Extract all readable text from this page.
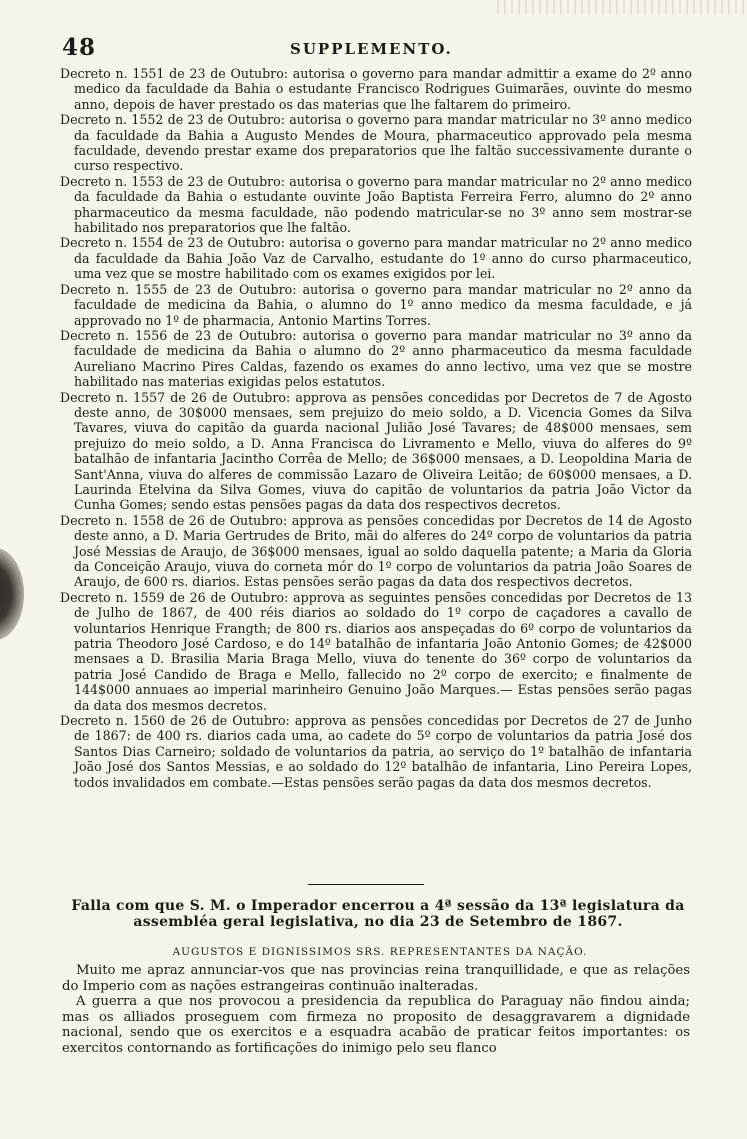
48	SUPPLEMENTO.
Decreto n. 1551 de 23 de Outubro: autorisa o governo para mandar admittir a exame do 2º anno medico da faculdade da Bahia o estudante Francisco Rodrigues Guimarães, ouvinte do mesmo anno, depois de haver prestado os das materias que lhe faltarem do primeiro.
Decreto n. 1552 de 23 de Outubro: autorisa o governo para mandar matricular no 3º anno medico da faculdade da Bahia a Augusto Mendes de Moura, pharmaceutico approvado pela mesma faculdade, devendo prestar exame dos preparatorios que lhe faltão successivamente durante o curso respectivo.
Decreto n. 1553 de 23 de Outubro: autorisa o governo para mandar matricular no 2º anno medico da faculdade da Bahia o estudante ouvinte João Baptista Ferreira Ferro, alumno do 2º anno pharmaceutico da mesma faculdade, não podendo matricular-se no 3º anno sem mostrar-se habilitado nos preparatorios que lhe faltão.
Decreto n. 1554 de 23 de Outubro: autorisa o governo para mandar matricular no 2º anno medico da faculdade da Bahia João Vaz de Carvalho, estudante do 1º anno do curso pharmaceutico, uma vez que se mostre habilitado com os exames exigidos por lei.
Decreto n. 1555 de 23 de Outubro: autorisa o governo para mandar matricular no 2º anno da faculdade de medicina da Bahia, o alumno do 1º anno medico da mesma faculdade, e já approvado no 1º de pharmacia, Antonio Martins Torres.
Decreto n. 1556 de 23 de Outubro: autorisa o governo para mandar matricular no 3º anno da faculdade de medicina da Bahia o alumno do 2º anno pharmaceutico da mesma faculdade Aureliano Macrino Pires Caldas, fazendo os exames do anno lectivo, uma vez que se mostre habilitado nas materias exigidas pelos estatutos.
Decreto n. 1557 de 26 de Outubro: approva as pensões concedidas por Decretos de 7 de Agosto deste anno, de 30$000 mensaes, sem prejuizo do meio soldo, a D. Vicencia Gomes da Silva Tavares, viuva do capitão da guarda nacional Julião José Tavares; de 48$000 mensaes, sem prejuizo do meio soldo, a D. Anna Francisca do Livramento e Mello, viuva do alferes do 9º batalhão de infantaria Jacintho Corrêa de Mello; de 36$000 mensaes, a D. Leopoldina Maria de Sant'Anna, viuva do alferes de commissão Lazaro de Oliveira Leitão; de 60$000 mensaes, a D. Laurinda Etelvina da Silva Gomes, viuva do capitão de voluntarios da patria João Victor da Cunha Gomes; sendo estas pensões pagas da data dos respectivos decretos.
Decreto n. 1558 de 26 de Outubro: approva as pensões concedidas por Decretos de 14 de Agosto deste anno, a D. Maria Gertrudes de Brito, mãi do alferes do 24º corpo de voluntarios da patria José Messias de Araujo, de 36$000 mensaes, igual ao soldo daquella patente; a Maria da Gloria da Conceição Araujo, viuva do corneta mór do 1º corpo de voluntarios da patria João Soares de Araujo, de 600 rs. diarios. Estas pensões serão pagas da data dos respectivos decretos.
Decreto n. 1559 de 26 de Outubro: approva as seguintes pensões concedidas por Decretos de 13 de Julho de 1867, de 400 réis diarios ao soldado do 1º corpo de caçadores a cavallo de voluntarios Henrique Frangth; de 800 rs. diarios aos anspeçadas do 6º corpo de voluntarios da patria Theodoro José Cardoso, e do 14º batalhão de infantaria João Antonio Gomes; de 42$000 mensaes a D. Brasilia Maria Braga Mello, viuva do tenente do 36º corpo de voluntarios da patria José Candido de Braga e Mello, fallecido no 2º corpo de exercito; e finalmente de 144$000 annuaes ao imperial marinheiro Genuino João Marques.— Estas pensões serão pagas da data dos mesmos decretos.
Decreto n. 1560 de 26 de Outubro: approva as pensões concedidas por Decretos de 27 de Junho de 1867: de 400 rs. diarios cada uma, ao cadete do 5º corpo de voluntarios da patria José dos Santos Dias Carneiro; soldado de voluntarios da patria, ao serviço do 1º batalhão de infantaria João José dos Santos Messias, e ao soldado do 12º batalhão de infantaria, Lino Pereira Lopes, todos invalidados em combate.—Estas pensões serão pagas da data dos mesmos decretos.
Falla com que S. M. o Imperador encerrou a 4ª sessão da 13ª legislatura da assembléa geral legislativa, no dia 23 de Setembro de 1867.
AUGUSTOS E DIGNISSIMOS SRS. REPRESENTANTES DA NAÇÃO.

Muito me apraz annunciar-vos que nas provincias reina tranquillidade, e que as relações do Imperio com as nações estrangeiras continuão inalteradas.

A guerra a que nos provocou a presidencia da republica do Paraguay não findou ainda; mas os alliados proseguem com firmeza no proposito de desaggravarem a dignidade nacional, sendo que os exercitos e a esquadra acabão de praticar feitos importantes: os exercitos contornando as fortificações do inimigo pelo seu flanco
